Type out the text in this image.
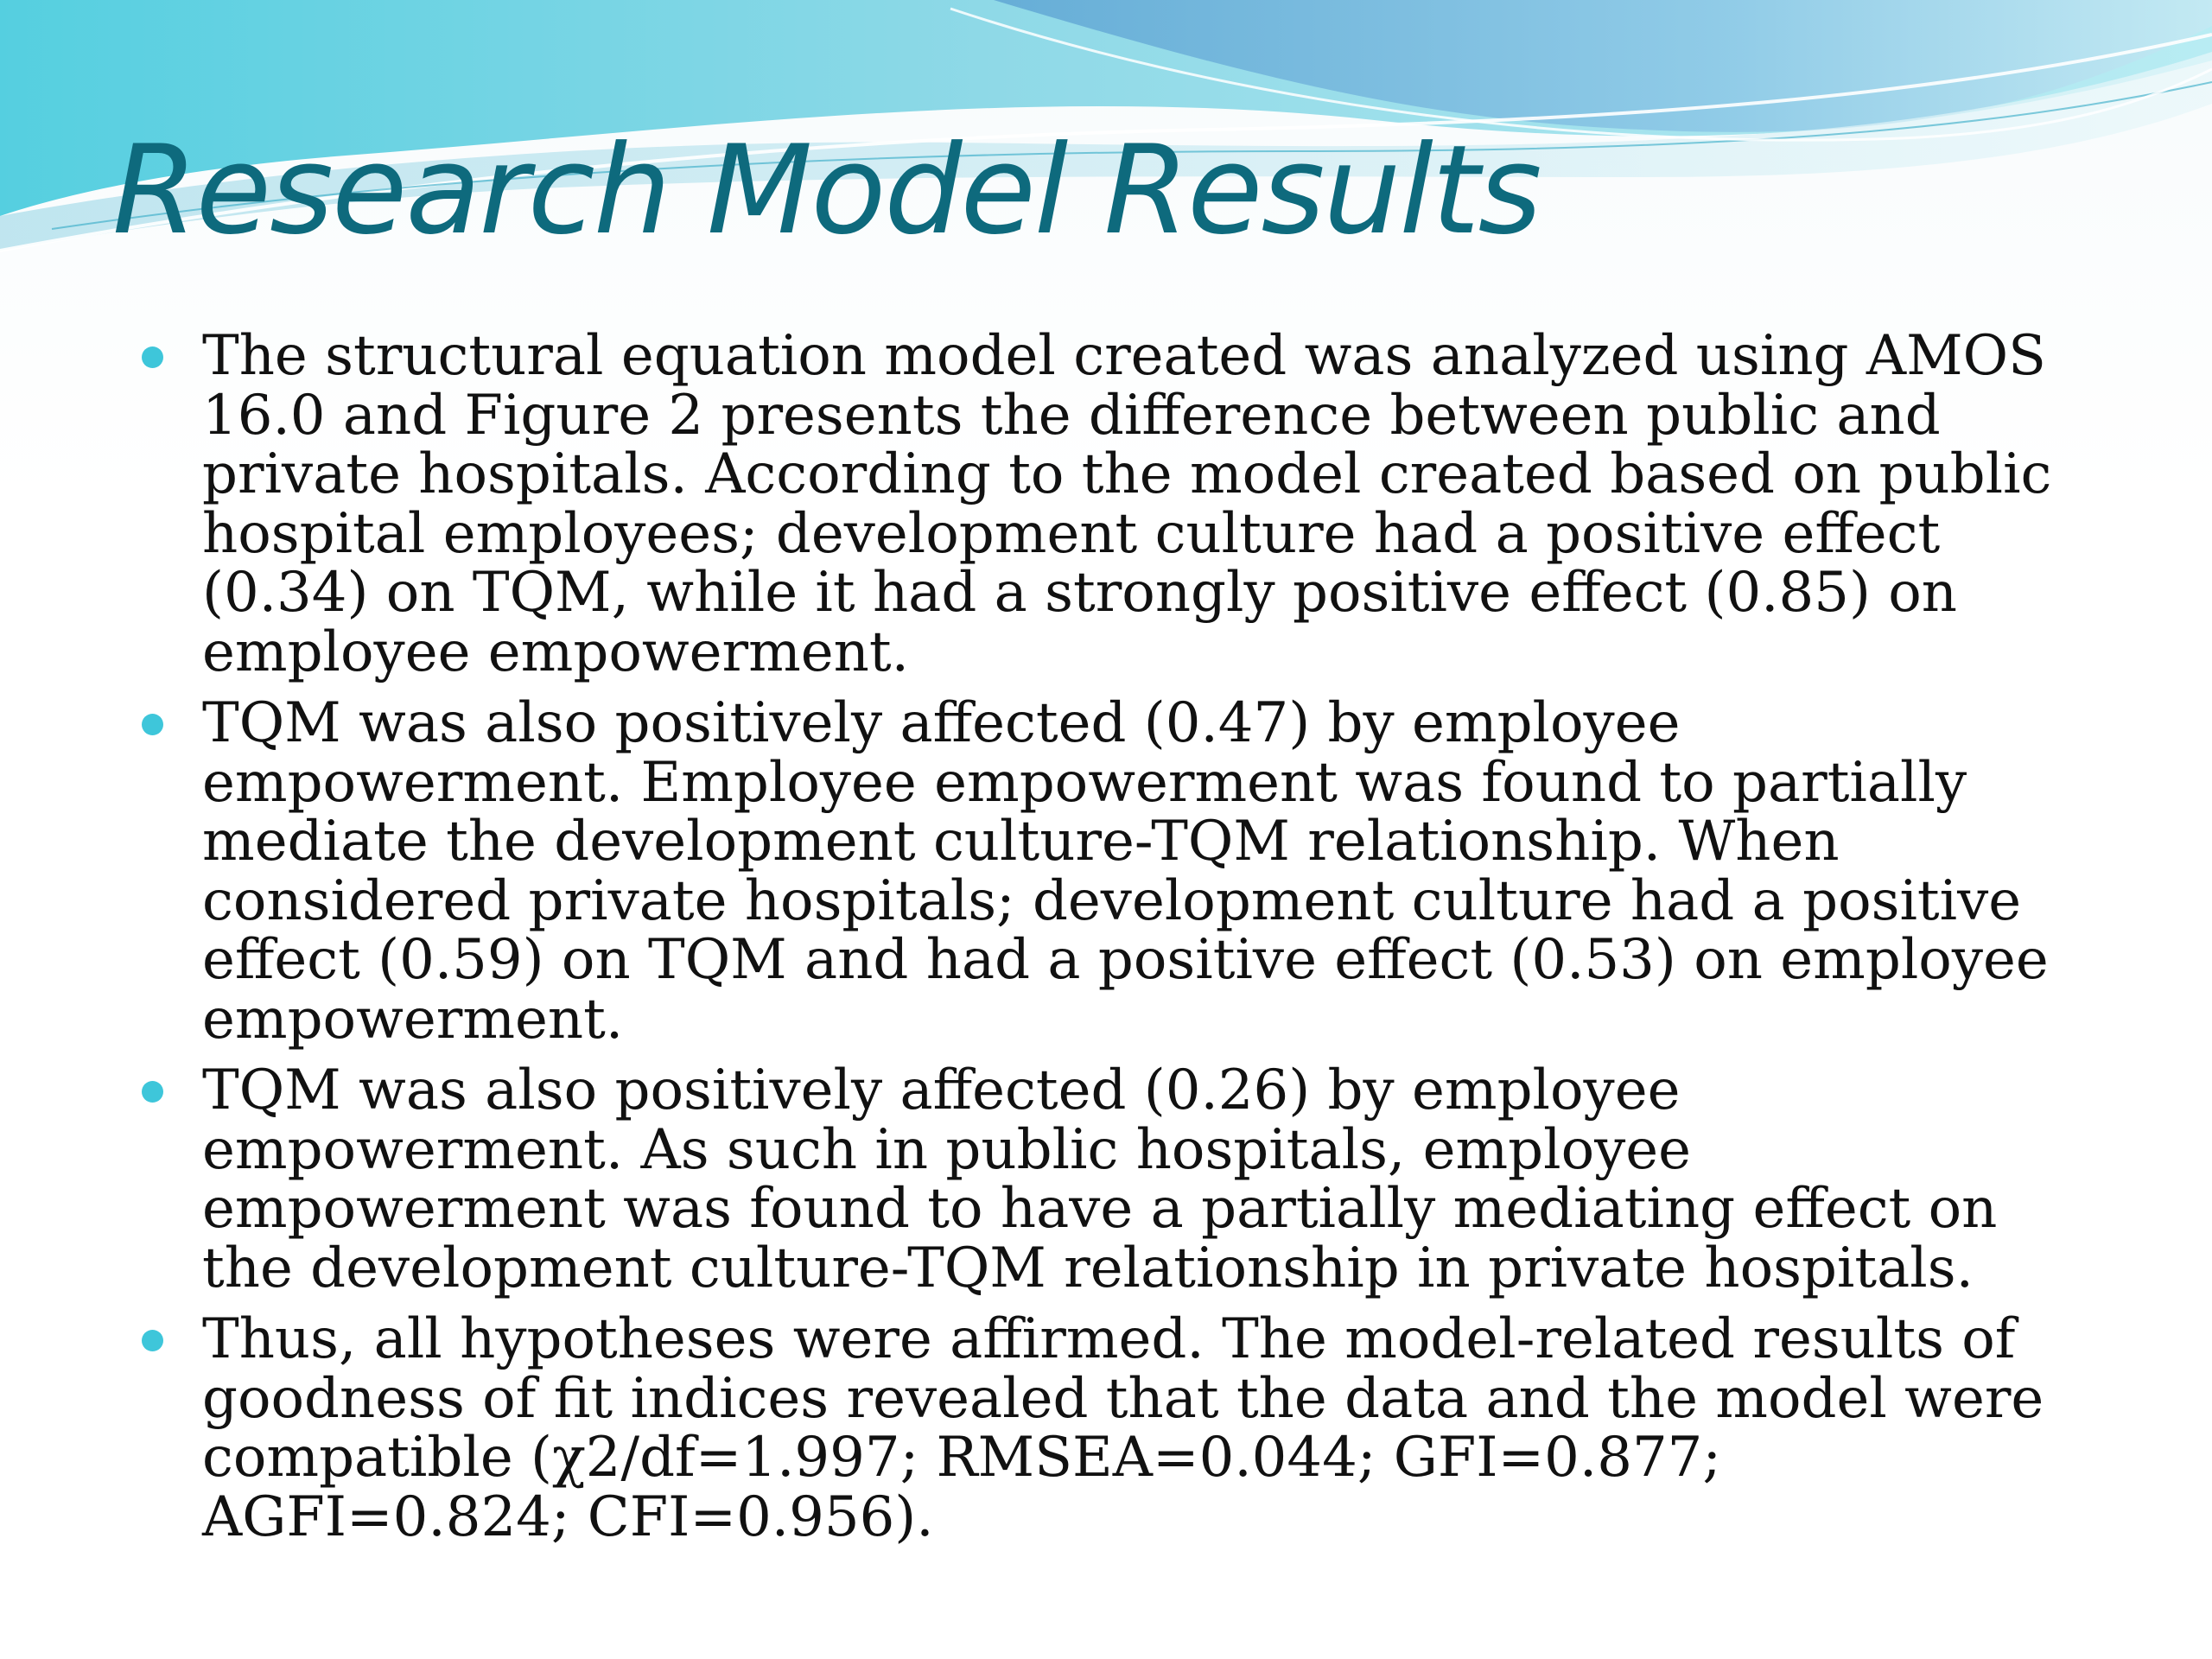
Research Model Results
The structural equation model created was analyzed using AMOS 16.0 and Figure 2 presents the difference between public and private hospitals. According to the model created based on public hospital employees; development culture had a positive effect (0.34) on TQM, while it had a strongly positive effect (0.85) on employee empowerment.
TQM was also positively affected (0.47) by employee empowerment. Employee empowerment was found to partially mediate the development culture-TQM relationship. When considered private hospitals; development culture had a positive effect (0.59) on TQM and had a positive effect (0.53) on employee empowerment.
TQM was also positively affected (0.26) by employee empowerment. As such in public hospitals, employee empowerment was found to have a partially mediating effect on the development culture-TQM relationship in private hospitals.
Thus, all hypotheses were affirmed. The model-related results of goodness of fit indices revealed that the data and the model were compatible (χ2/df=1.997; RMSEA=0.044; GFI=0.877; AGFI=0.824; CFI=0.956).
